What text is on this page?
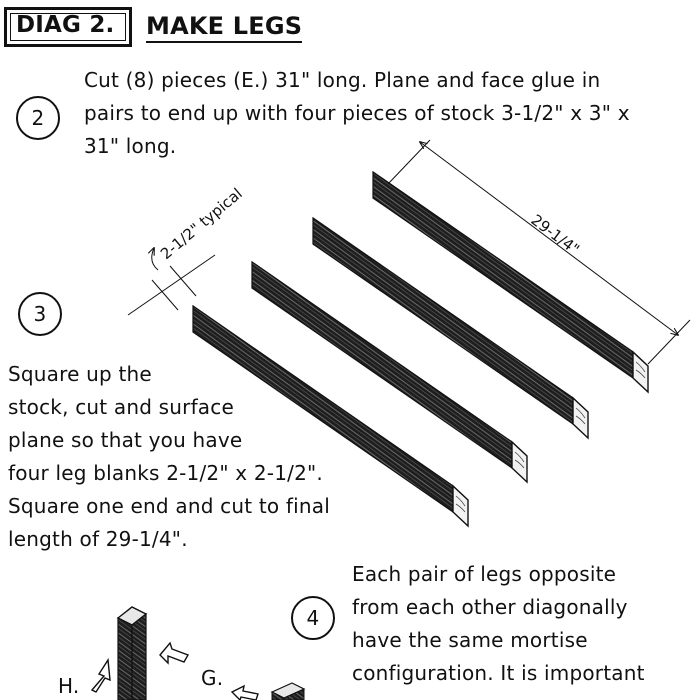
DIAG 2. MAKE LEGS
2
Cut (8) pieces (E.) 31" long. Plane and face glue in
pairs to end up with four pieces of stock 3-1/2" x 3" x
31" long.
3
Square up the
stock, cut and surface
plane so that you have
four leg blanks 2-1/2" x 2-1/2".
Square one end and cut to final
length of 29-1/4".
4
Each pair of legs opposite
from each other diagonally
have the same mortise
configuration. It is important
29-1/4"
2-1/2" typical
H.	G.
